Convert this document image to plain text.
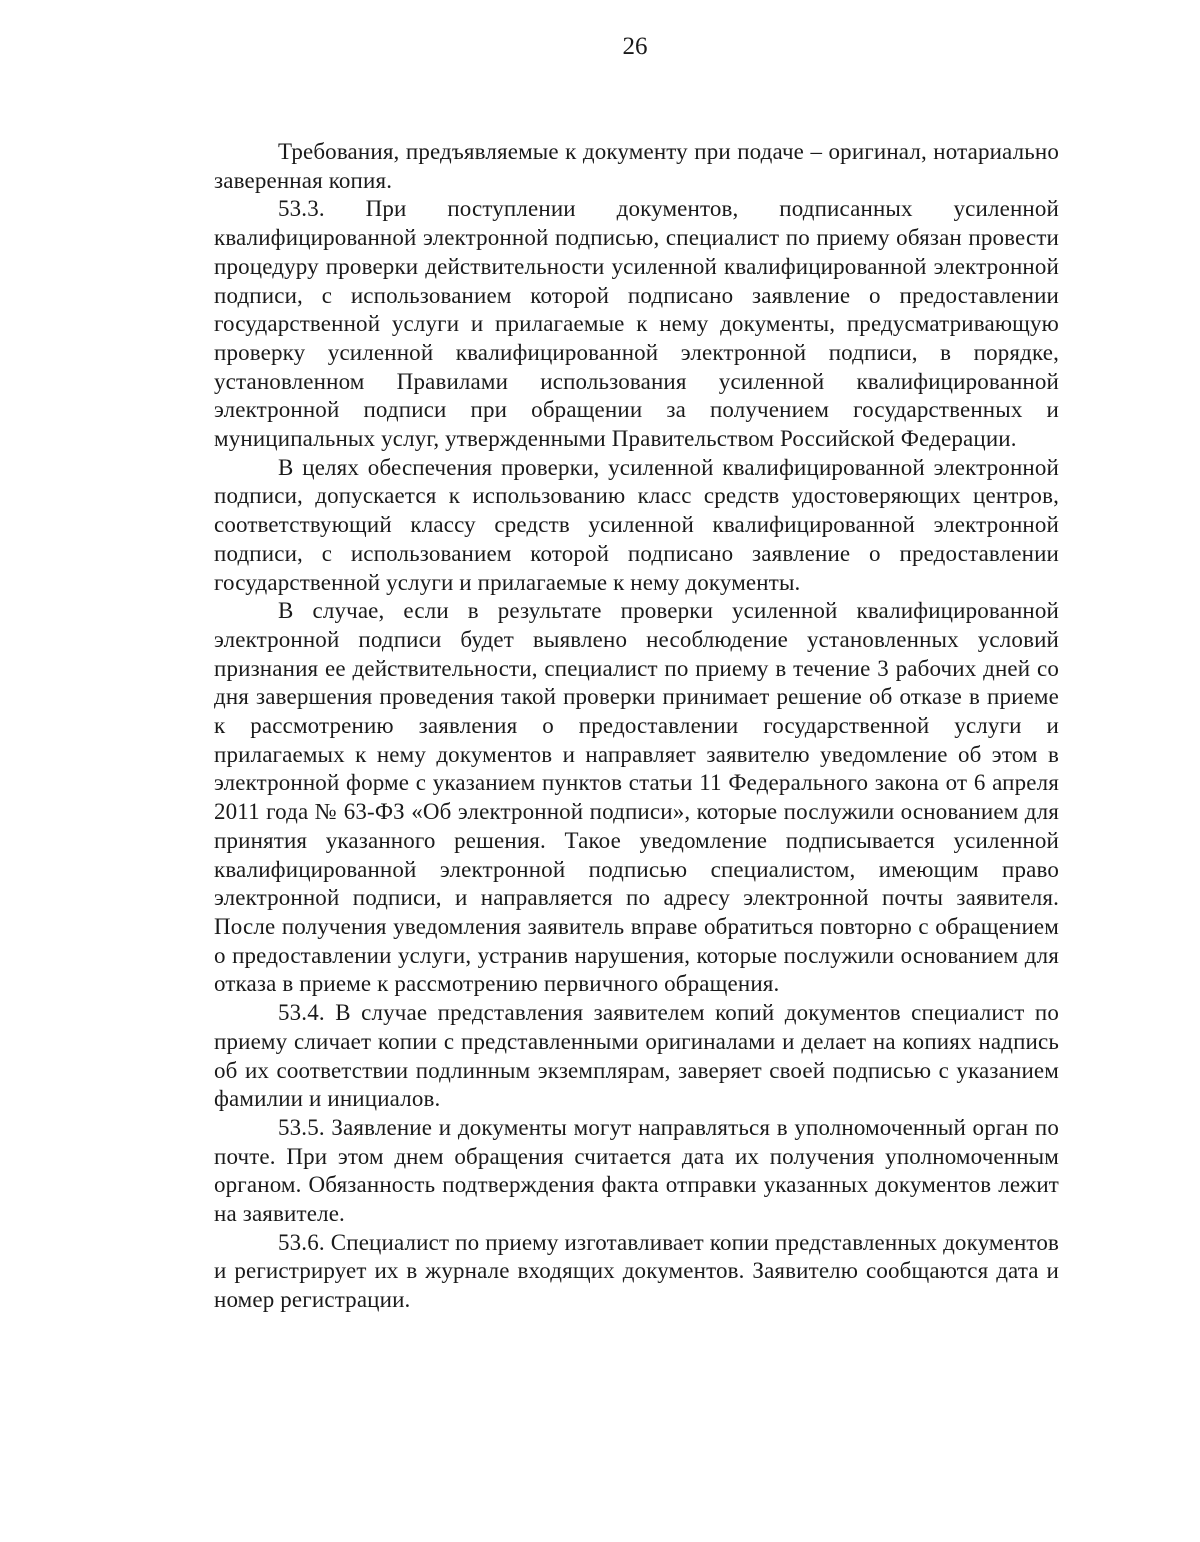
26

Требования, предъявляемые к документу при подаче – оригинал, нотариально заверенная копия.

53.3. При поступлении документов, подписанных усиленной квалифицированной электронной подписью, специалист по приему обязан провести процедуру проверки действительности усиленной квалифицированной электронной подписи, с использованием которой подписано заявление о предоставлении государственной услуги и прилагаемые к нему документы, предусматривающую проверку усиленной квалифицированной электронной подписи, в порядке, установленном Правилами использования усиленной квалифицированной электронной подписи при обращении за получением государственных и муниципальных услуг, утвержденными Правительством Российской Федерации.

В целях обеспечения проверки, усиленной квалифицированной электронной подписи, допускается к использованию класс средств удостоверяющих центров, соответствующий классу средств усиленной квалифицированной электронной подписи, с использованием которой подписано заявление о предоставлении государственной услуги и прилагаемые к нему документы.

В случае, если в результате проверки усиленной квалифицированной электронной подписи будет выявлено несоблюдение установленных условий признания ее действительности, специалист по приему в течение 3 рабочих дней со дня завершения проведения такой проверки принимает решение об отказе в приеме к рассмотрению заявления о предоставлении государственной услуги и прилагаемых к нему документов и направляет заявителю уведомление об этом в электронной форме с указанием пунктов статьи 11 Федерального закона от 6 апреля 2011 года № 63-ФЗ «Об электронной подписи», которые послужили основанием для принятия указанного решения. Такое уведомление подписывается усиленной квалифицированной электронной подписью специалистом, имеющим право электронной подписи, и направляется по адресу электронной почты заявителя. После получения уведомления заявитель вправе обратиться повторно с обращением о предоставлении услуги, устранив нарушения, которые послужили основанием для отказа в приеме к рассмотрению первичного обращения.

53.4. В случае представления заявителем копий документов специалист по приему сличает копии с представленными оригиналами и делает на копиях надпись об их соответствии подлинным экземплярам, заверяет своей подписью с указанием фамилии и инициалов.

53.5. Заявление и документы могут направляться в уполномоченный орган по почте. При этом днем обращения считается дата их получения уполномоченным органом. Обязанность подтверждения факта отправки указанных документов лежит на заявителе.

53.6. Специалист по приему изготавливает копии представленных документов и регистрирует их в журнале входящих документов. Заявителю сообщаются дата и номер регистрации.
